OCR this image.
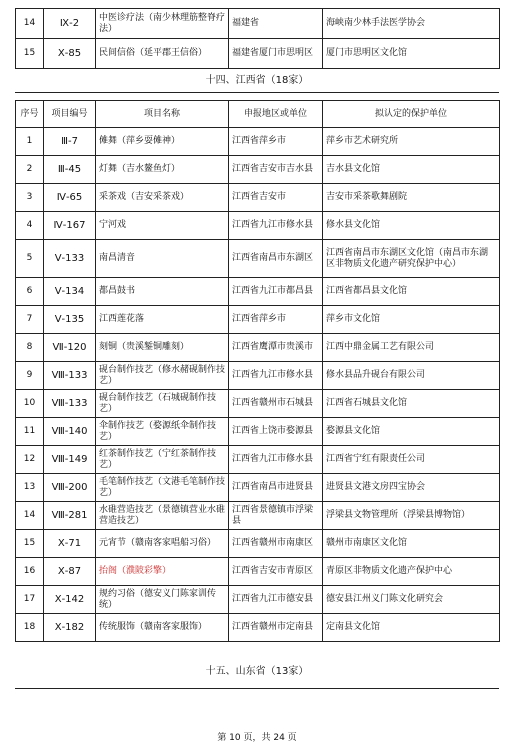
14	Ⅸ-2	中医诊疗法（南少林理筋整脊疗法）	福建省	海峡南少林手法医学协会
15	Ⅹ-85	民间信俗（延平郡王信俗）	福建省厦门市思明区	厦门市思明区文化馆
十四、江西省（18家）
序号	项目编号	项目名称	申报地区或单位	拟认定的保护单位
1	Ⅲ-7	傩舞（萍乡耍傩神）	江西省萍乡市	萍乡市艺术研究所
2	Ⅲ-45	灯舞（吉水鳌鱼灯）	江西省吉安市吉水县	吉水县文化馆
3	Ⅳ-65	采茶戏（吉安采茶戏）	江西省吉安市	吉安市采茶歌舞剧院
4	Ⅳ-167	宁河戏	江西省九江市修水县	修水县文化馆
5	Ⅴ-133	南昌清音	江西省南昌市东湖区	江西省南昌市东湖区文化馆（南昌市东湖区非物质文化遗产研究保护中心）
6	Ⅴ-134	都昌鼓书	江西省九江市都昌县	江西省都昌县文化馆
7	Ⅴ-135	江西莲花落	江西省萍乡市	萍乡市文化馆
8	Ⅶ-120	刻铜（贵溪錾铜雕刻）	江西省鹰潭市贵溪市	江西中鼎金属工艺有限公司
9	Ⅷ-133	砚台制作技艺（修水赭砚制作技艺）	江西省九江市修水县	修水县品升砚台有限公司
10	Ⅷ-133	砚台制作技艺（石城砚制作技艺）	江西省赣州市石城县	江西省石城县文化馆
11	Ⅷ-140	伞制作技艺（婺源纸伞制作技艺）	江西省上饶市婺源县	婺源县文化馆
12	Ⅷ-149	红茶制作技艺（宁红茶制作技艺）	江西省九江市修水县	江西省宁红有限责任公司
13	Ⅷ-200	毛笔制作技艺（文港毛笔制作技艺）	江西省南昌市进贤县	进贤县文港文房四宝协会
14	Ⅷ-281	水碓营造技艺（景德镇营业水碓营造技艺）	江西省景德镇市浮梁县	浮梁县文物管理所（浮梁县博物馆）
15	Ⅹ-71	元宵节（赣南客家唱船习俗）	江西省赣州市南康区	赣州市南康区文化馆
16	Ⅹ-87	抬阁（濮陂彩擎）	江西省吉安市青原区	青原区非物质文化遗产保护中心
17	Ⅹ-142	规约习俗（德安义门陈家训传统）	江西省九江市德安县	德安县江州义门陈文化研究会
18	Ⅹ-182	传统服饰（赣南客家服饰）	江西省赣州市定南县	定南县文化馆
十五、山东省（13家）
第 10 页，共 24 页
